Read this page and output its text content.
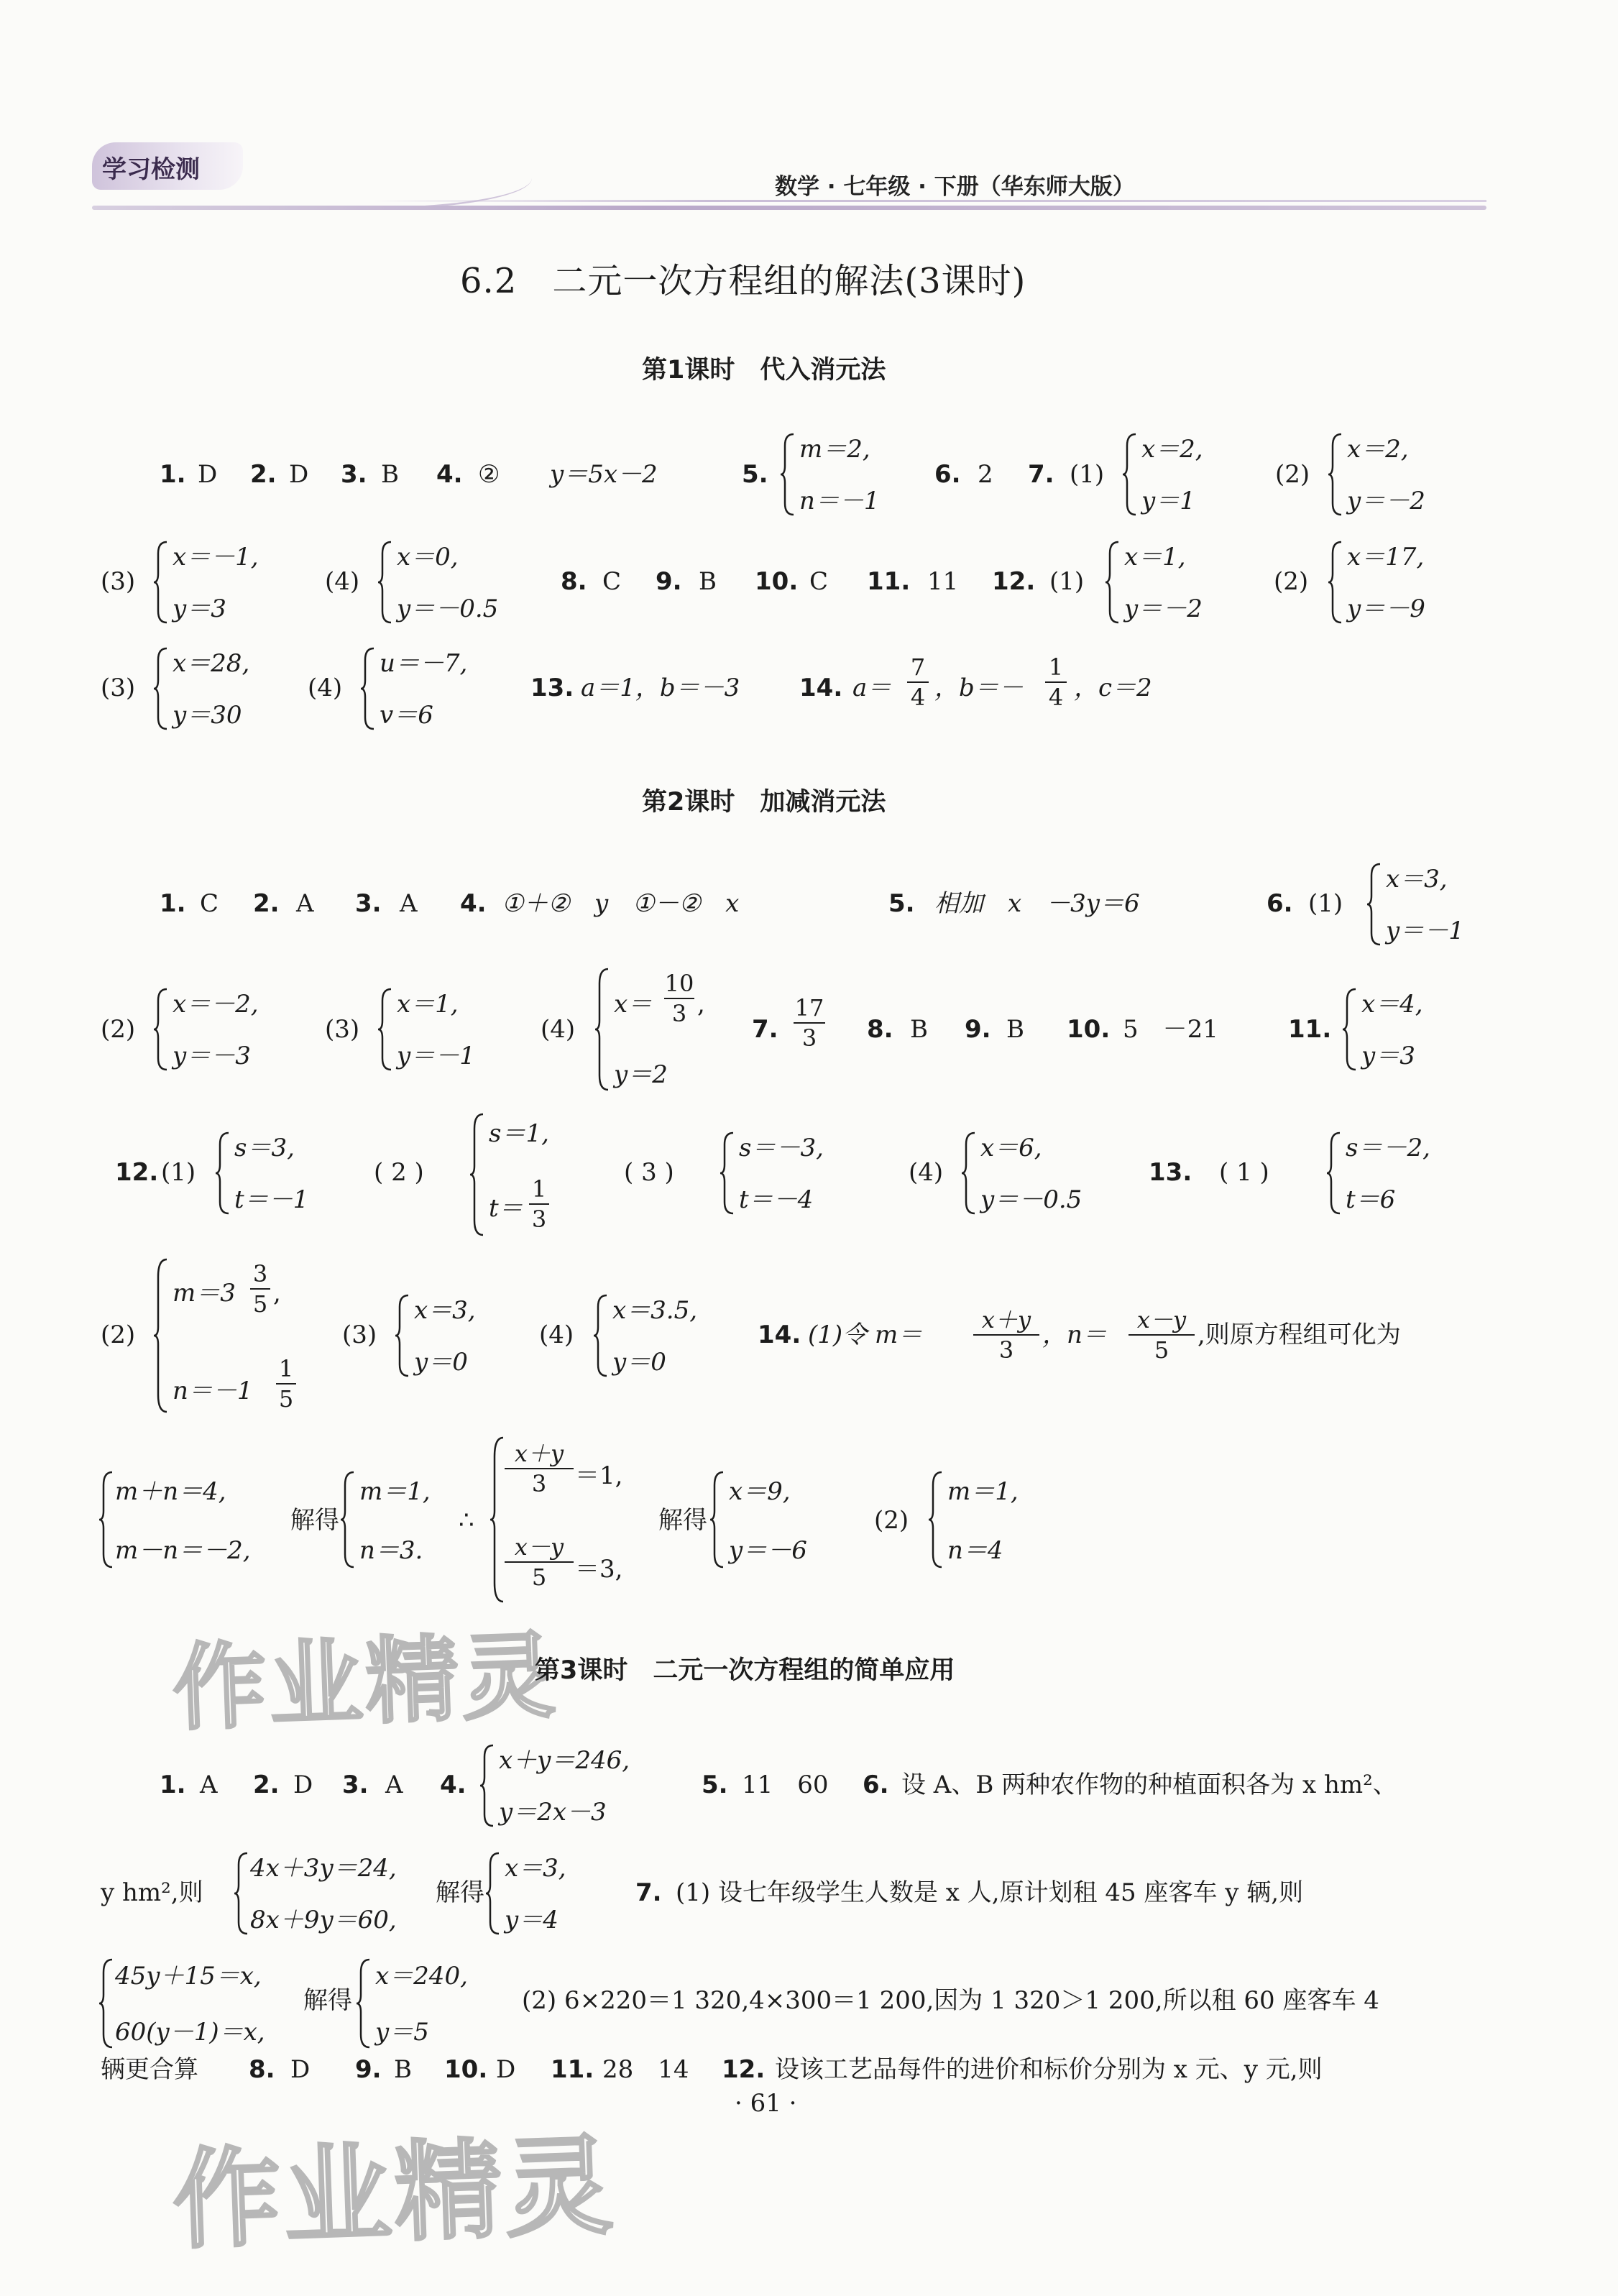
学习检测
数学 · 七年级 · 下册（华东师大版）
6.2　二元一次方程组的解法(3课时)
第1课时　代入消元法
1. D 2. D 3. B 4. ② y＝5x－2	5.
m＝2,
n＝－1
6. 2 7. (1)
x＝2,
y＝1
(2)
x＝2,
y＝－2
(3)
x＝－1,
y＝3
(4)
x＝0,
y＝－0.5
8. C 9. B 10. C 11. 11 12. (1)
x＝1,
y＝－2
(2)
x＝17,
y＝－9
(3)
x＝28,
y＝30
(4)
u＝－7,
v＝6
13. a＝1，b＝－3 14. a＝
7
4 ，b＝－
1
4 ，c＝2
第2课时　加减消元法
1. C 2. A 3. A 4. ①＋②　y　①－②　x	5. 相加　x　－3y＝6	6. (1)
x＝3,
y＝－1
(2)
x＝－2,
y＝－3
(3)
x＝1,
y＝－1
(4)
x＝
10
3 ,
y＝2
7.
17
3	8. B 9. B 10. 5　－21	11.
x＝4,
y＝3
12. (1)
s＝3,
t＝－1
( 2 )
s＝1,
t＝
1
3
( 3 )
s＝－3,
t＝－4
(4)
x＝6,
y＝－0.5
13. ( 1 )
s＝－2,
t＝6
(2)
m＝3
3
5 ,
n＝－1
1
5
(3)
x＝3,
y＝0
(4)
x＝3.5,
y＝0
14. (1)令 m＝
x＋y
3
，n＝
x－y
5
,则原方程组可化为
m＋n＝4,
m－n＝－2,
解得
m＝1,
n＝3.
∴
x＋y
3	＝1,
x－y
5	＝3,
解得
x＝9,
y＝－6
(2)
m＝1,
n＝4
作业精灵
第3课时　二元一次方程组的简单应用
1. A 2. D 3. A 4.
x＋y＝246,
y＝2x－3
5. 11　60 6. 设 A、B 两种农作物的种植面积各为 x hm²、
y hm²,则
4x＋3y＝24,
8x＋9y＝60,
解得
x＝3,
y＝4
7. (1) 设七年级学生人数是 x 人,原计划租 45 座客车 y 辆,则
45y＋15＝x,
60(y－1)＝x,
解得
x＝240,
y＝5
(2) 6×220＝1 320,4×300＝1 200,因为 1 320＞1 200,所以租 60 座客车 4
辆更合算 8. D 9. B 10. D 11. 28　14 12. 设该工艺品每件的进价和标价分别为 x 元、y 元,则
· 61 ·
作业精灵
